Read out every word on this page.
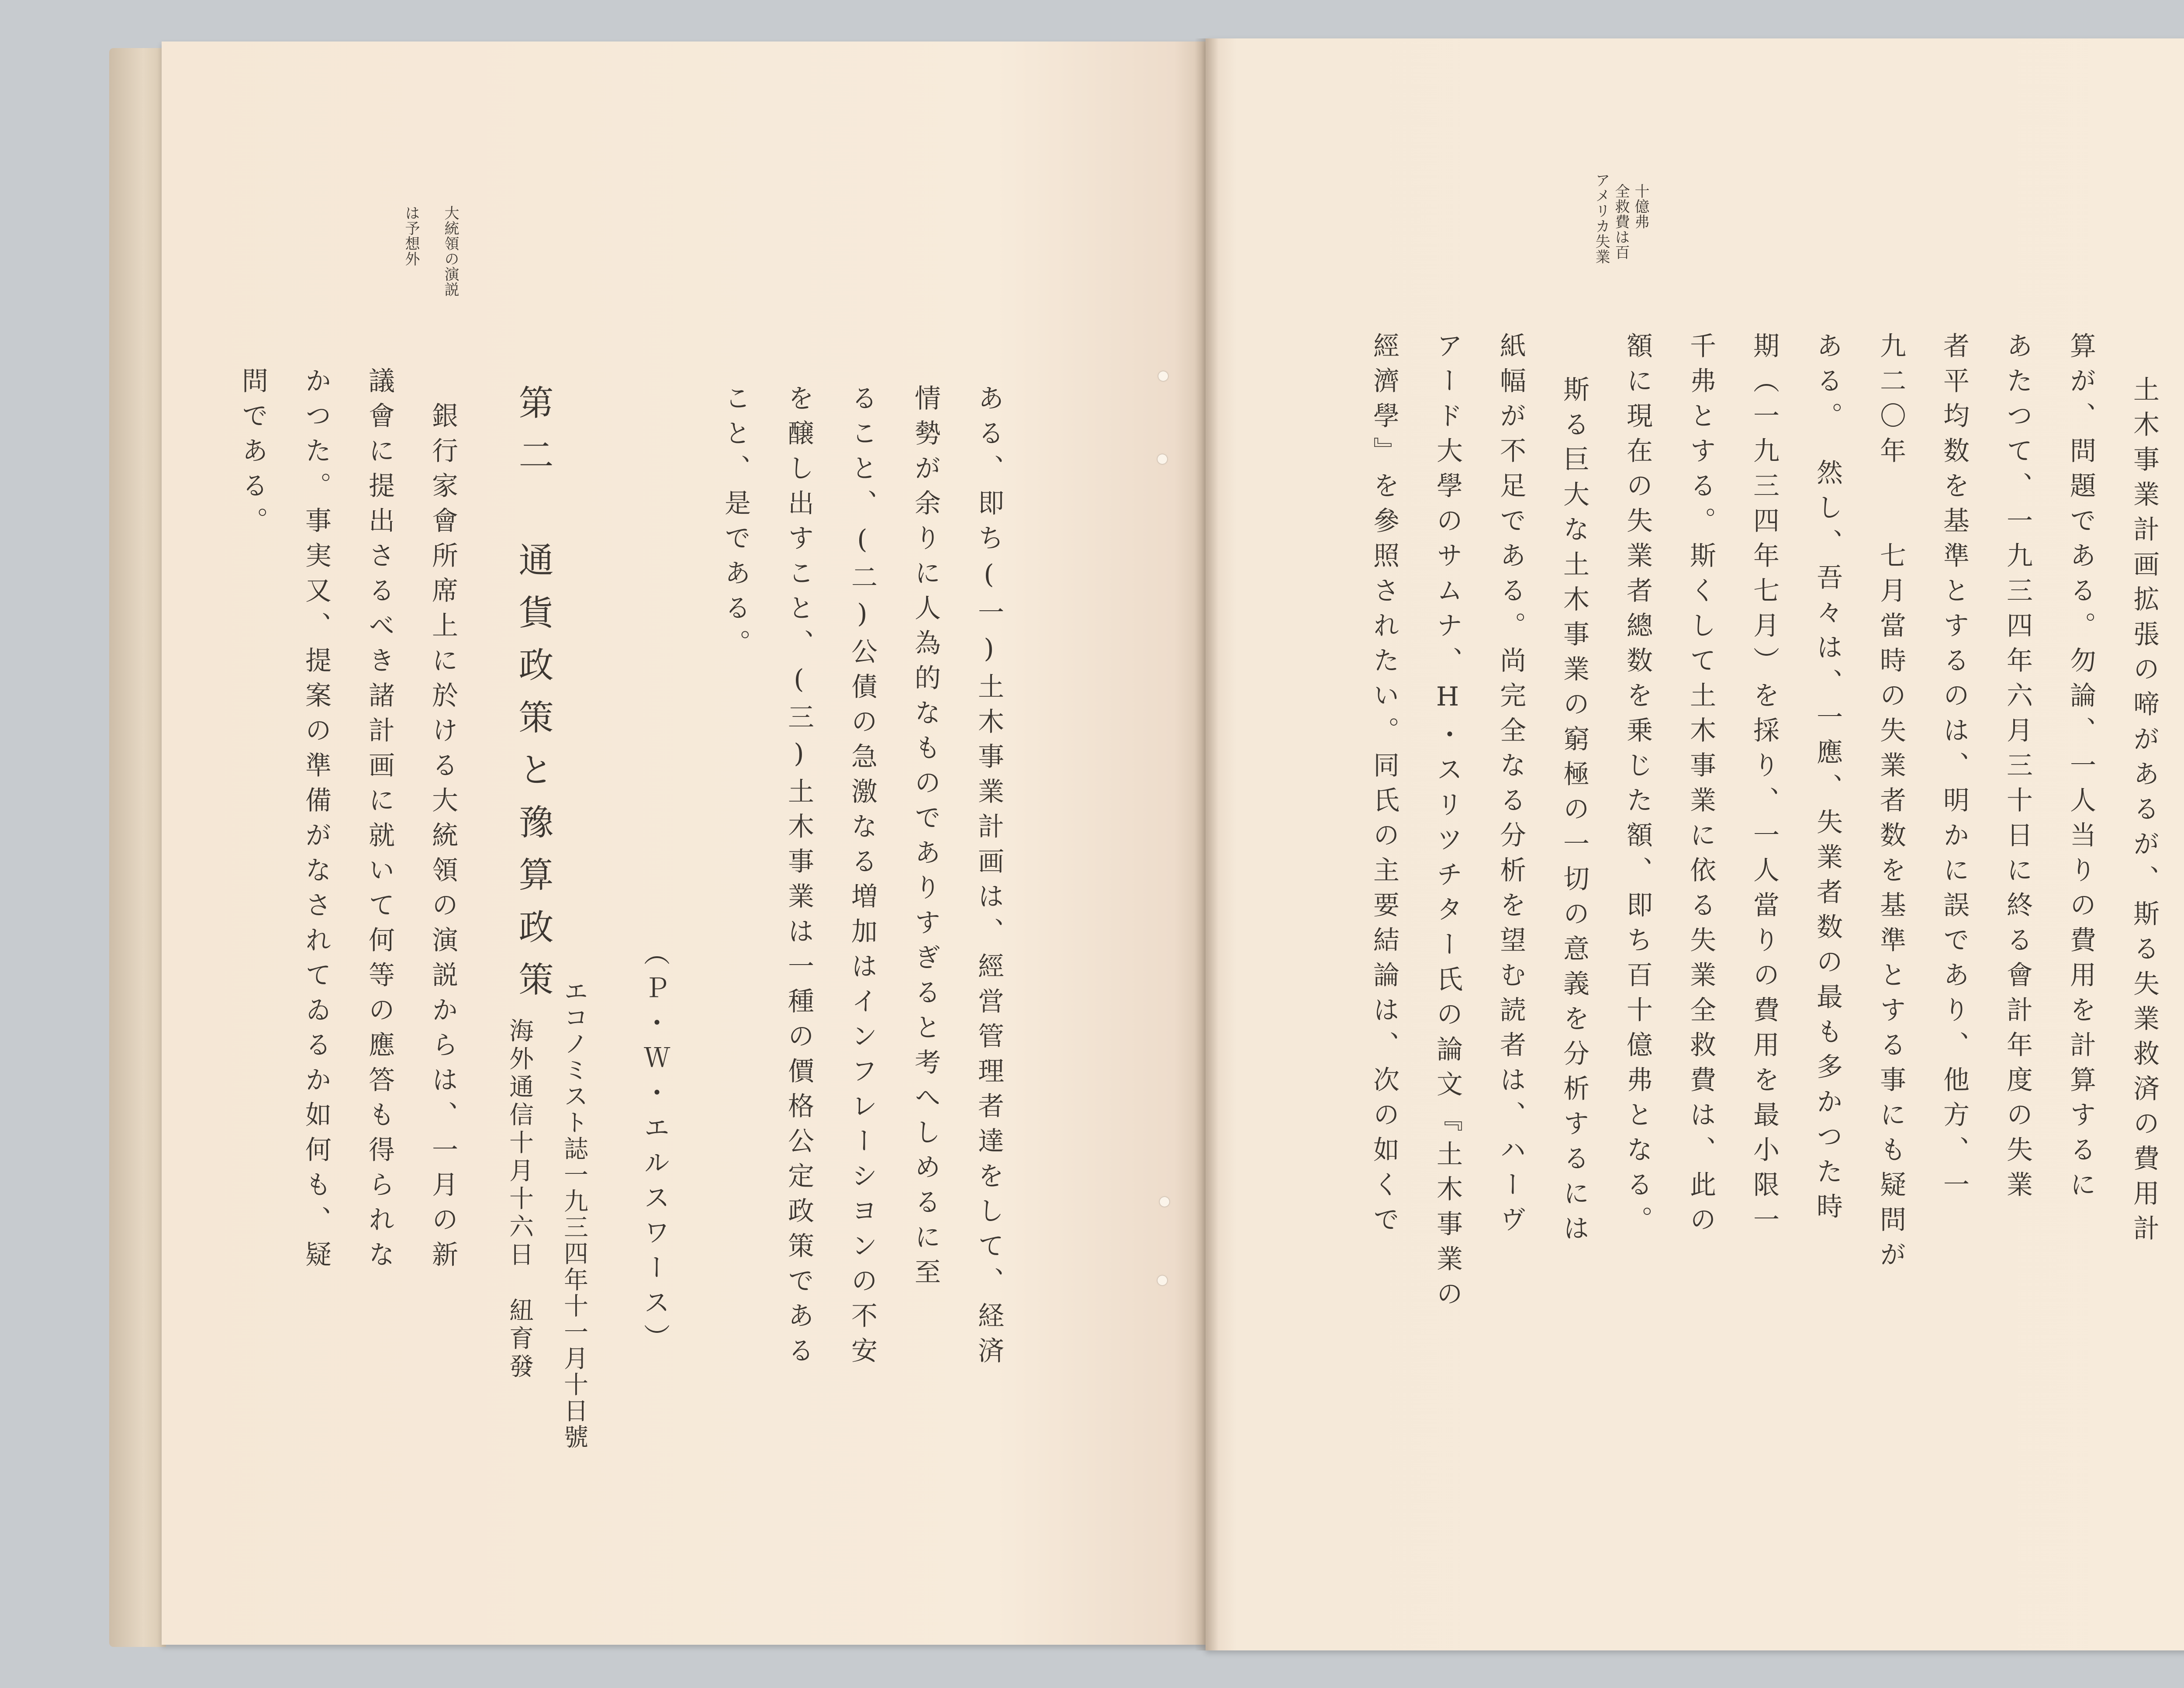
アメリカ失業 全救費は百 十億弗
土木事業計画拡張の啼があるが、斯る失業救済の費用計
算が、問題である。勿論、一人当りの費用を計算するに
あたつて、一九三四年六月三十日に終る會計年度の失業
者平均数を基準とするのは、明かに誤であり、他方、一
九二〇年　　七月當時の失業者数を基準とする事にも疑問が
ある。　然し、吾々は、一應、失業者数の最も多かつた時
期（一九三四年七月）を採り、一人當りの費用を最小限一
千弗とする。斯くして土木事業に依る失業全救費は、此の
額に現在の失業者總数を乗じた額、即ち百十億弗となる。
斯る巨大な土木事業の窮極の一切の意義を分析するには
紙幅が不足である。尚完全なる分析を望む読者は、ハーヴ
アード大學のサムナ、H・スリツチター氏の論文『土木事業の
經濟學』を參照されたい。同氏の主要結論は、次の如くで
大統領の演説
は予想外
ある、即ち(一)土木事業計画は、經営管理者達をして、経済
情勢が余りに人為的なものでありすぎると考へしめるに至
ること、(二)公債の急激なる増加はインフレーシヨンの不安
を醸し出すこと、(三)土木事業は一種の價格公定政策である
こと、是である。
（Ｐ・Ｗ・エルスワース）
エコノミスト誌一九三四年十一月十日號
海外通信十月十六日　紐育發
第二　通貨政策と豫算政策
銀行家會所席上に於ける大統領の演説からは、一月の新
議會に提出さるべき諸計画に就いて何等の應答も得られな
かつた。事実又、提案の準備がなされてゐるか如何も、疑
問である。
